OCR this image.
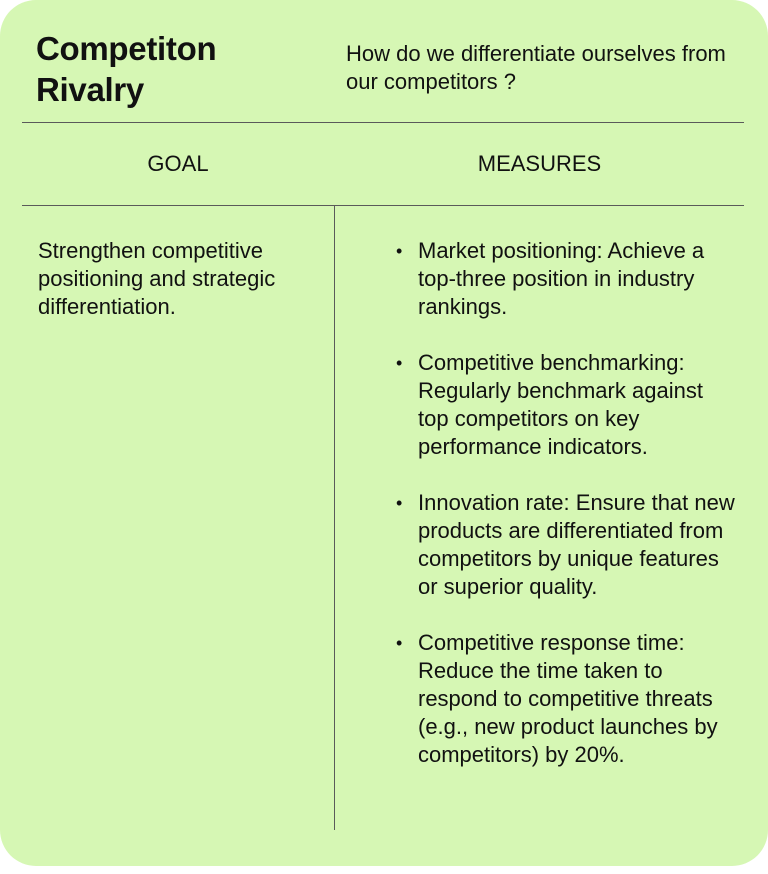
Competiton Rivalry
How do we differentiate ourselves from our competitors ?
GOAL	MEASURES
Strengthen competitive positioning and strategic differentiation.
• Market positioning: Achieve a top-three position in industry rankings.
• Competitive benchmarking: Regularly benchmark against top competitors on key performance indicators.
• Innovation rate: Ensure that new products are differentiated from competitors by unique features or superior quality.
• Competitive response time: Reduce the time taken to respond to competitive threats (e.g., new product launches by competitors) by 20%.
